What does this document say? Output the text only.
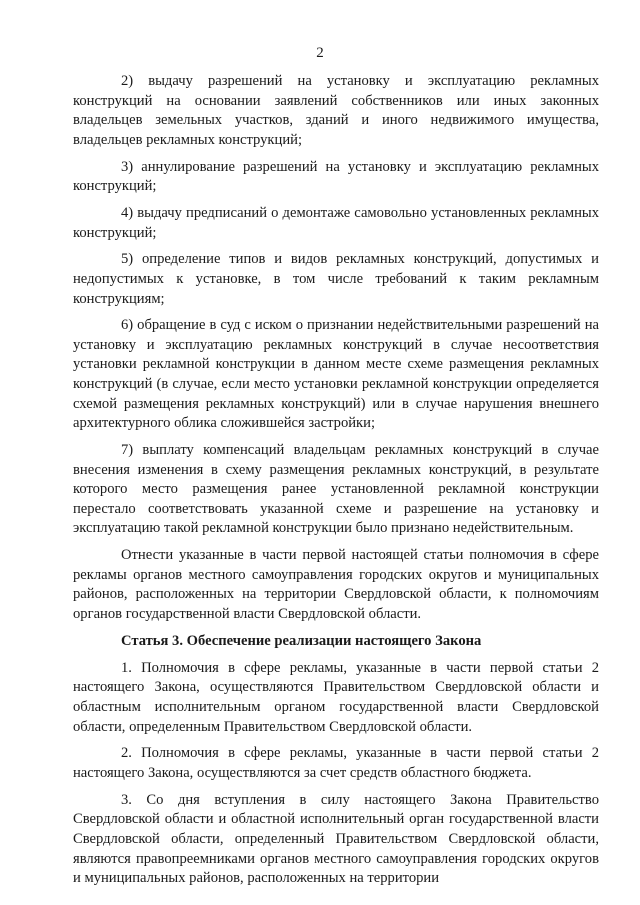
2

2) выдачу разрешений на установку и эксплуатацию рекламных конструкций на основании заявлений собственников или иных законных владельцев земельных участков, зданий и иного недвижимого имущества, владельцев рекламных конструкций;

3) аннулирование разрешений на установку и эксплуатацию рекламных конструкций;

4) выдачу предписаний о демонтаже самовольно установленных рекламных конструкций;

5) определение типов и видов рекламных конструкций, допустимых и недопустимых к установке, в том числе требований к таким рекламным конструкциям;

6) обращение в суд с иском о признании недействительными разрешений на установку и эксплуатацию рекламных конструкций в случае несоответствия установки рекламной конструкции в данном месте схеме размещения рекламных конструкций (в случае, если место установки рекламной конструкции определяется схемой размещения рекламных конструкций) или в случае нарушения внешнего архитектурного облика сложившейся застройки;

7) выплату компенсаций владельцам рекламных конструкций в случае внесения изменения в схему размещения рекламных конструкций, в результате которого место размещения ранее установленной рекламной конструкции перестало соответствовать указанной схеме и разрешение на установку и эксплуатацию такой рекламной конструкции было признано недействительным.

Отнести указанные в части первой настоящей статьи полномочия в сфере рекламы органов местного самоуправления городских округов и муниципальных районов, расположенных на территории Свердловской области, к полномочиям органов государственной власти Свердловской области.

Статья 3. Обеспечение реализации настоящего Закона

1. Полномочия в сфере рекламы, указанные в части первой статьи 2 настоящего Закона, осуществляются Правительством Свердловской области и областным исполнительным органом государственной власти Свердловской области, определенным Правительством Свердловской области.

2. Полномочия в сфере рекламы, указанные в части первой статьи 2 настоящего Закона, осуществляются за счет средств областного бюджета.

3. Со дня вступления в силу настоящего Закона Правительство Свердловской области и областной исполнительный орган государственной власти Свердловской области, определенный Правительством Свердловской области, являются правопреемниками органов местного самоуправления городских округов и муниципальных районов, расположенных на территории
